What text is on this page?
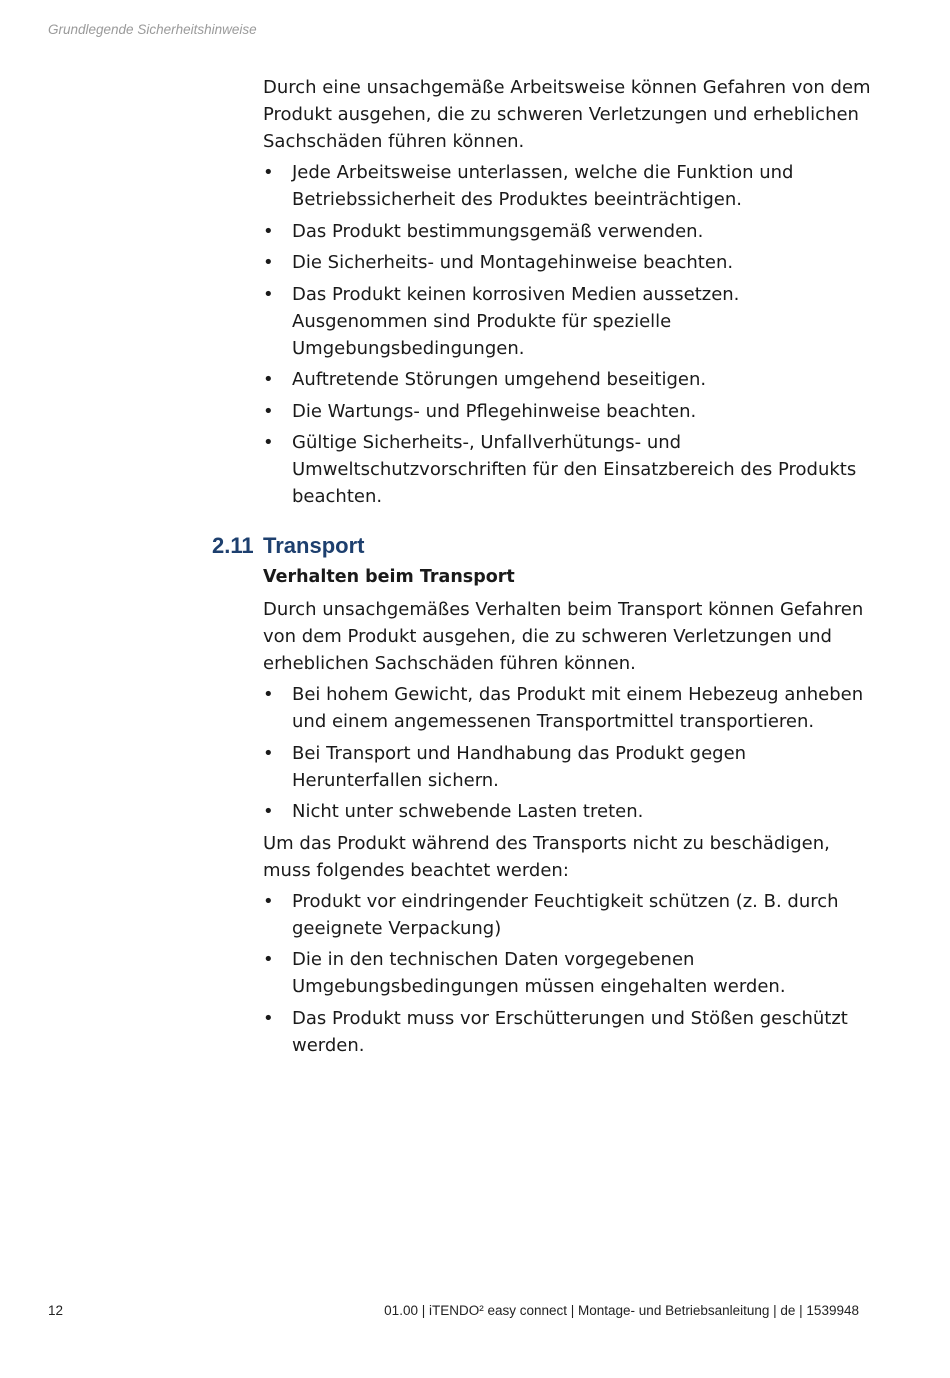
Grundlegende Sicherheitshinweise

Durch eine unsachgemäße Arbeitsweise können Gefahren von dem Produkt ausgehen, die zu schweren Verletzungen und erheblichen Sachschäden führen können.

• Jede Arbeitsweise unterlassen, welche die Funktion und Betriebssicherheit des Produktes beeinträchtigen.
• Das Produkt bestimmungsgemäß verwenden.
• Die Sicherheits- und Montagehinweise beachten.
• Das Produkt keinen korrosiven Medien aussetzen. Ausgenommen sind Produkte für spezielle Umgebungsbedingungen.
• Auftretende Störungen umgehend beseitigen.
• Die Wartungs- und Pflegehinweise beachten.
• Gültige Sicherheits-, Unfallverhütungs- und Umweltschutzvorschriften für den Einsatzbereich des Produkts beachten.
2.11 Transport
Verhalten beim Transport

Durch unsachgemäßes Verhalten beim Transport können Gefahren von dem Produkt ausgehen, die zu schweren Verletzungen und erheblichen Sachschäden führen können.

• Bei hohem Gewicht, das Produkt mit einem Hebezeug anheben und einem angemessenen Transportmittel transportieren.
• Bei Transport und Handhabung das Produkt gegen Herunterfallen sichern.
• Nicht unter schwebende Lasten treten.

Um das Produkt während des Transports nicht zu beschädigen, muss folgendes beachtet werden:

• Produkt vor eindringender Feuchtigkeit schützen (z. B. durch geeignete Verpackung)
• Die in den technischen Daten vorgegebenen Umgebungsbedingungen müssen eingehalten werden.
• Das Produkt muss vor Erschütterungen und Stößen geschützt werden.
12	01.00 | iTENDO² easy connect | Montage- und Betriebsanleitung | de | 1539948
